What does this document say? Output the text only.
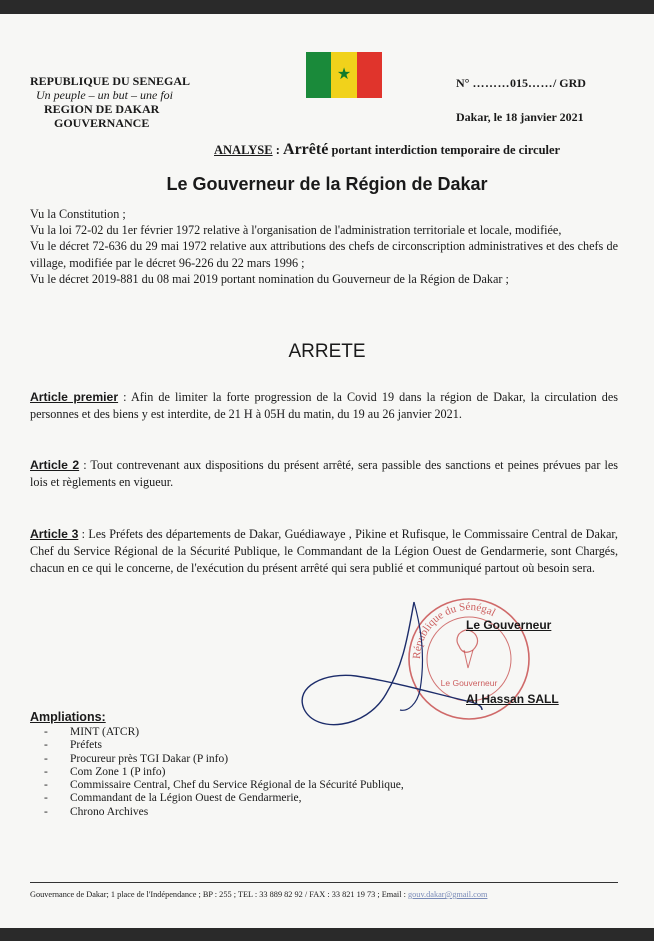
REPUBLIQUE DU SENEGAL
Un peuple – un but – une foi
REGION DE DAKAR
GOUVERNANCE
★	N° ………015……/ GRD
Dakar, le 18 janvier 2021
ANALYSE : Arrêté portant interdiction temporaire de circuler
Le Gouverneur de la Région de Dakar

Vu la Constitution ;

Vu la loi 72-02 du 1er février 1972 relative à l'organisation de l'administration territoriale et locale, modifiée,

Vu le décret 72-636 du 29 mai 1972 relative aux attributions des chefs de circonscription administratives et des chefs de village, modifiée par le décret 96-226 du 22 mars 1996 ;

Vu le décret 2019-881 du 08 mai 2019 portant nomination du Gouverneur de la Région de Dakar ;

ARRETE
Article premier : Afin de limiter la forte progression de la Covid 19 dans la région de Dakar, la circulation des personnes et des biens y est interdite, de 21 H à 05H du matin, du 19 au 26 janvier 2021.
Article 2 : Tout contrevenant aux dispositions du présent arrêté, sera passible des sanctions et peines prévues par les lois et règlements en vigueur.
Article 3 : Les Préfets des départements de Dakar, Guédiawaye , Pikine et Rufisque, le Commissaire Central de Dakar, Chef du Service Régional de la Sécurité Publique, le Commandant de la Légion Ouest de Gendarmerie, sont Chargés, chacun en ce qui le concerne, de l'exécution du présent arrêté qui sera publié et communiqué partout où besoin sera.
République du Sénégal
Le Gouverneur
Le Gouverneur
Al Hassan SALL
Ampliations:
- MINT (ATCR)
- Préfets
- Procureur près TGI Dakar (P info)
- Com Zone 1 (P info)
- Commissaire Central, Chef du Service Régional de la Sécurité Publique,
- Commandant de la Légion Ouest de Gendarmerie,
- Chrono Archives
Gouvernance de Dakar; 1 place de l'Indépendance ; BP : 255 ; TEL : 33 889 82 92 / FAX : 33 821 19 73 ; Email : gouv.dakar@gmail.com
